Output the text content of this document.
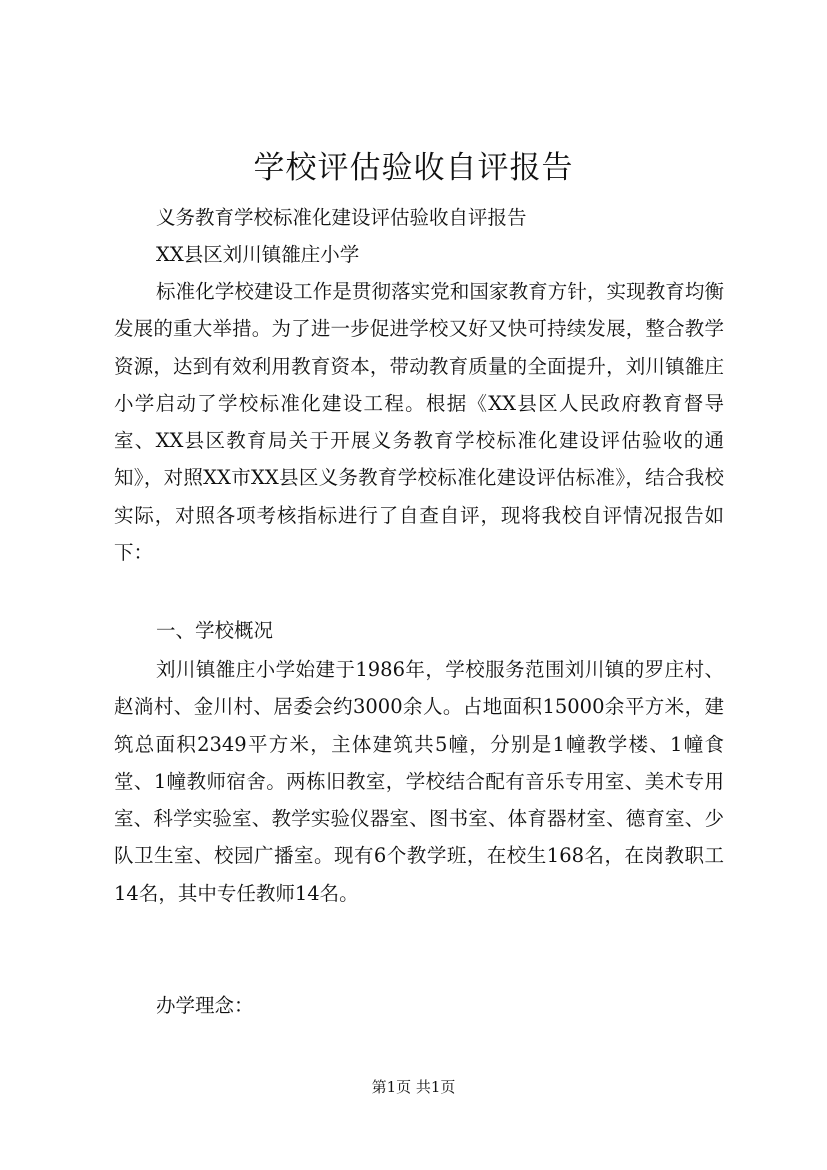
学校评估验收自评报告
义务教育学校标准化建设评估验收自评报告
XX县区刘川镇雒庄小学
标准化学校建设工作是贯彻落实党和国家教育方针，实现教育均衡发展的重大举措。为了进一步促进学校又好又快可持续发展，整合教学资源，达到有效利用教育资本，带动教育质量的全面提升，刘川镇雒庄小学启动了学校标准化建设工程。根据《XX县区人民政府教育督导室、XX县区教育局关于开展义务教育学校标准化建设评估验收的通知》，对照XX市XX县区义务教育学校标准化建设评估标准》，结合我校实际，对照各项考核指标进行了自查自评，现将我校自评情况报告如下：
一、学校概况
刘川镇雒庄小学始建于1986年，学校服务范围刘川镇的罗庄村、赵淌村、金川村、居委会约3000余人。占地面积15000余平方米，建筑总面积2349平方米，主体建筑共5幢，分别是1幢教学楼、1幢食堂、1幢教师宿舍。两栋旧教室，学校结合配有音乐专用室、美术专用室、科学实验室、教学实验仪器室、图书室、体育器材室、德育室、少队卫生室、校园广播室。现有6个教学班，在校生168名，在岗教职工14名，其中专任教师14名。
办学理念：
第1页 共1页
